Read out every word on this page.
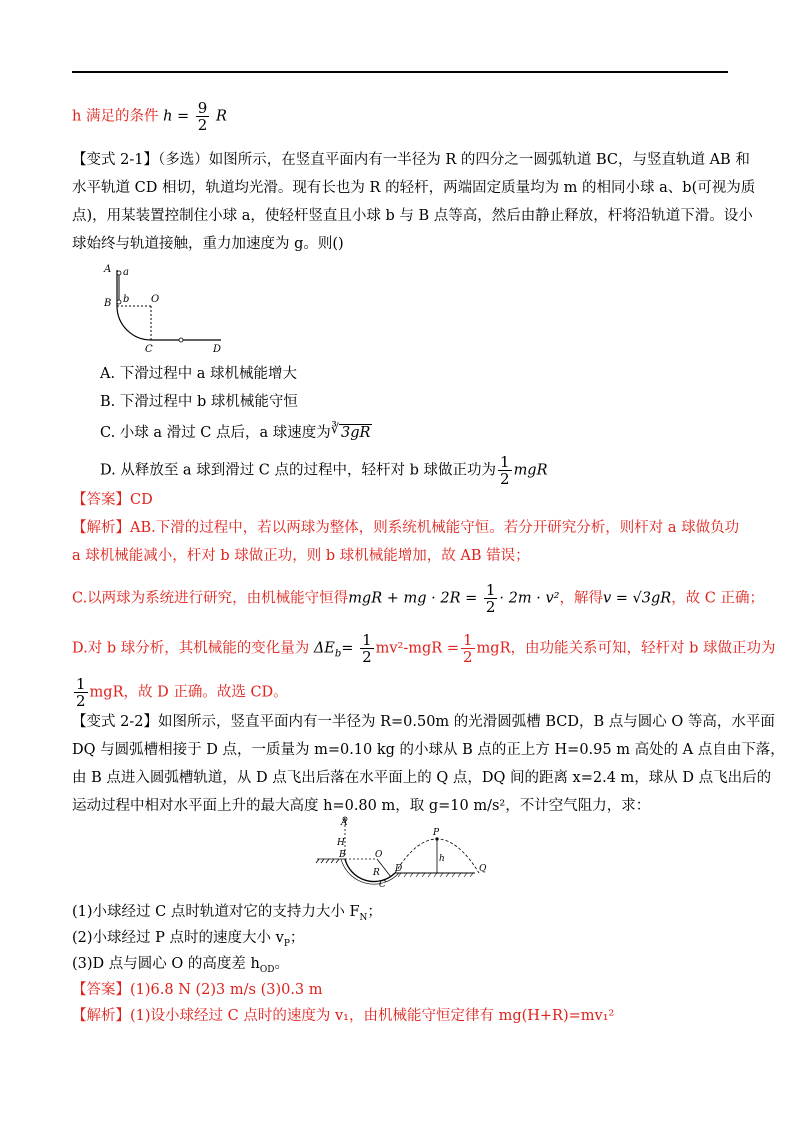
h 满足的条件 $h = \frac{9}{2}$ R
【变式 2-1】（多选）如图所示，在竖直平面内有一半径为 R 的四分之一圆弧轨道 BC，与竖直轨道 AB 和
水平轨道 CD 相切，轨道均光滑。现有长也为 R 的轻杆，两端固定质量均为 m 的相同小球 a、b(可视为质
点)，用某装置控制住小球 a，使轻杆竖直且小球 b 与 B 点等高，然后由静止释放，杆将沿轨道下滑。设小
球始终与轨道接触，重力加速度为 g。则()
A a
B b O
C	D
A. 下滑过程中 a 球机械能增大
B. 下滑过程中 b 球机械能守恒
C. 小球 a 滑过 C 点后，a 球速度为∛ 3gR
D. 从释放至 a 球到滑过 C 点的过程中，轻杆对 b 球做正功为 $\frac{1}{2}$ mgR
【答案】CD
【解析】AB.下滑的过程中，若以两球为整体，则系统机械能守恒。若分开研究分析，则杆对 a 球做负功
a 球机械能减小，杆对 b 球做正功，则 b 球机械能增加，故 AB 错误；
C.以两球为系统进行研究，由机械能守恒得mgR + mg · $2R = \frac{1}{2} \cdot 2m \cdot v^2$，解得v = √3gR，故 C 正确；
D.对 b 球分析，其机械能的变化量为 $\Delta E_b= \frac{1}{2} mv^2-mgR = \frac{1}{2}$ mgR，由功能关系可知，轻杆对 b 球做正功为
$\frac{1}{2}$ mgR，故 D 正确。故选 CD。
【变式 2-2】如图所示，竖直平面内有一半径为 R=0.50m 的光滑圆弧槽 BCD，B 点与圆心 O 等高，水平面
DQ 与圆弧槽相接于 D 点，一质量为 m=0.10 kg 的小球从 B 点的正上方 H=0.95 m 高处的 A 点自由下落，
由 B 点进入圆弧槽轨道，从 D 点飞出后落在水平面上的 Q 点，DQ 间的距离 x=2.4 m，球从 D 点飞出后的
运动过程中相对水平面上升的最大高度 h=0.80 m，取 g=10 m/s²，不计空气阻力，求：
A
H
B	O
R
C
D
P
h
Q
(1)小球经过 C 点时轨道对它的支持力大小 $F_N$；
(2)小球经过 P 点时的速度大小 $v_P$；
(3)D 点与圆心 O 的高度差 $h_{OD}$。
【答案】(1)6.8 N (2)3 m/s (3)0.3 m
【解析】(1)设小球经过 C 点时的速度为 v₁，由机械能守恒定律有 mg(H+R)=mv₁²
